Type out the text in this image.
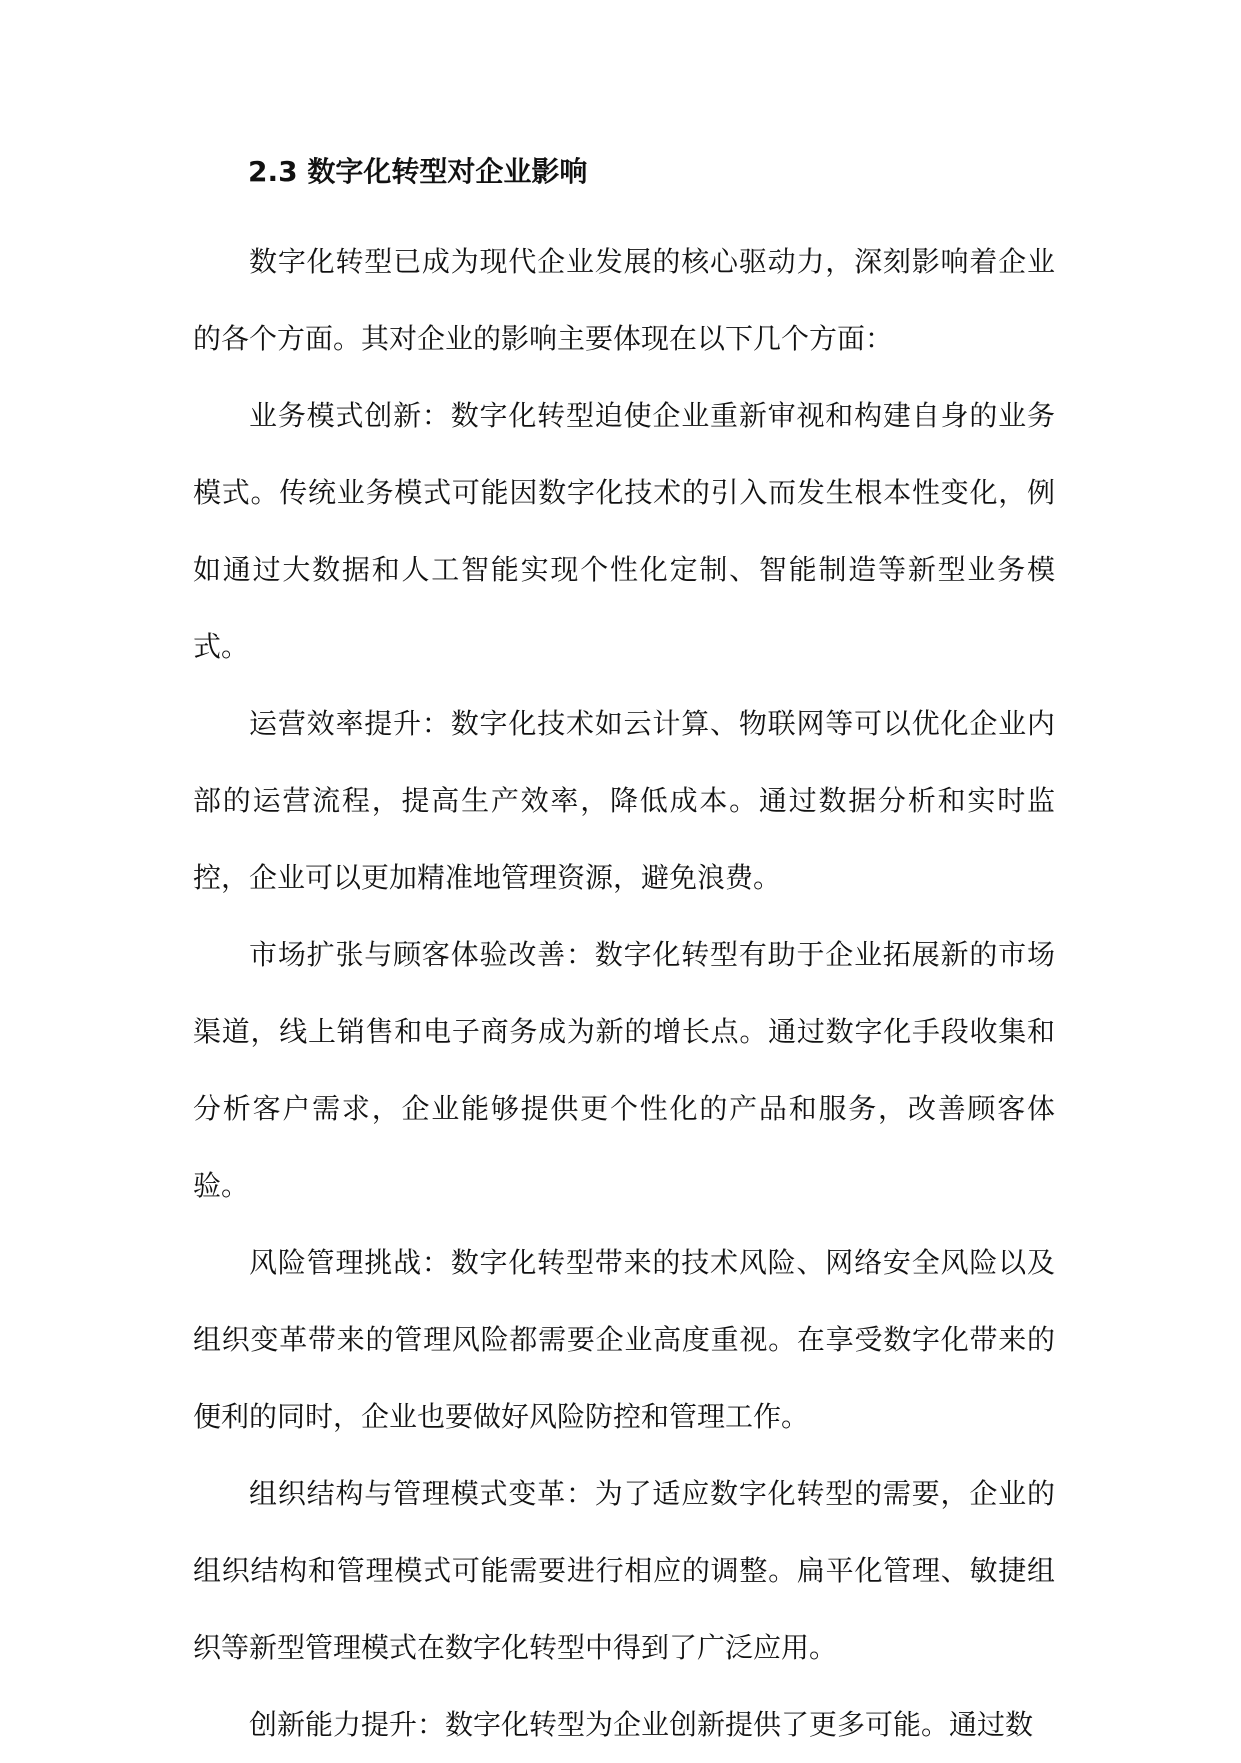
2.3 数字化转型对企业影响

数字化转型已成为现代企业发展的核心驱动力，深刻影响着企业的各个方面。其对企业的影响主要体现在以下几个方面：

业务模式创新：数字化转型迫使企业重新审视和构建自身的业务模式。传统业务模式可能因数字化技术的引入而发生根本性变化，例如通过大数据和人工智能实现个性化定制、智能制造等新型业务模式。

运营效率提升：数字化技术如云计算、物联网等可以优化企业内部的运营流程，提高生产效率，降低成本。通过数据分析和实时监控，企业可以更加精准地管理资源，避免浪费。

市场扩张与顾客体验改善：数字化转型有助于企业拓展新的市场渠道，线上销售和电子商务成为新的增长点。通过数字化手段收集和分析客户需求，企业能够提供更个性化的产品和服务，改善顾客体验。

风险管理挑战：数字化转型带来的技术风险、网络安全风险以及组织变革带来的管理风险都需要企业高度重视。在享受数字化带来的便利的同时，企业也要做好风险防控和管理工作。

组织结构与管理模式变革：为了适应数字化转型的需要，企业的组织结构和管理模式可能需要进行相应的调整。扁平化管理、敏捷组织等新型管理模式在数字化转型中得到了广泛应用。

创新能力提升：数字化转型为企业创新提供了更多可能。通过数
